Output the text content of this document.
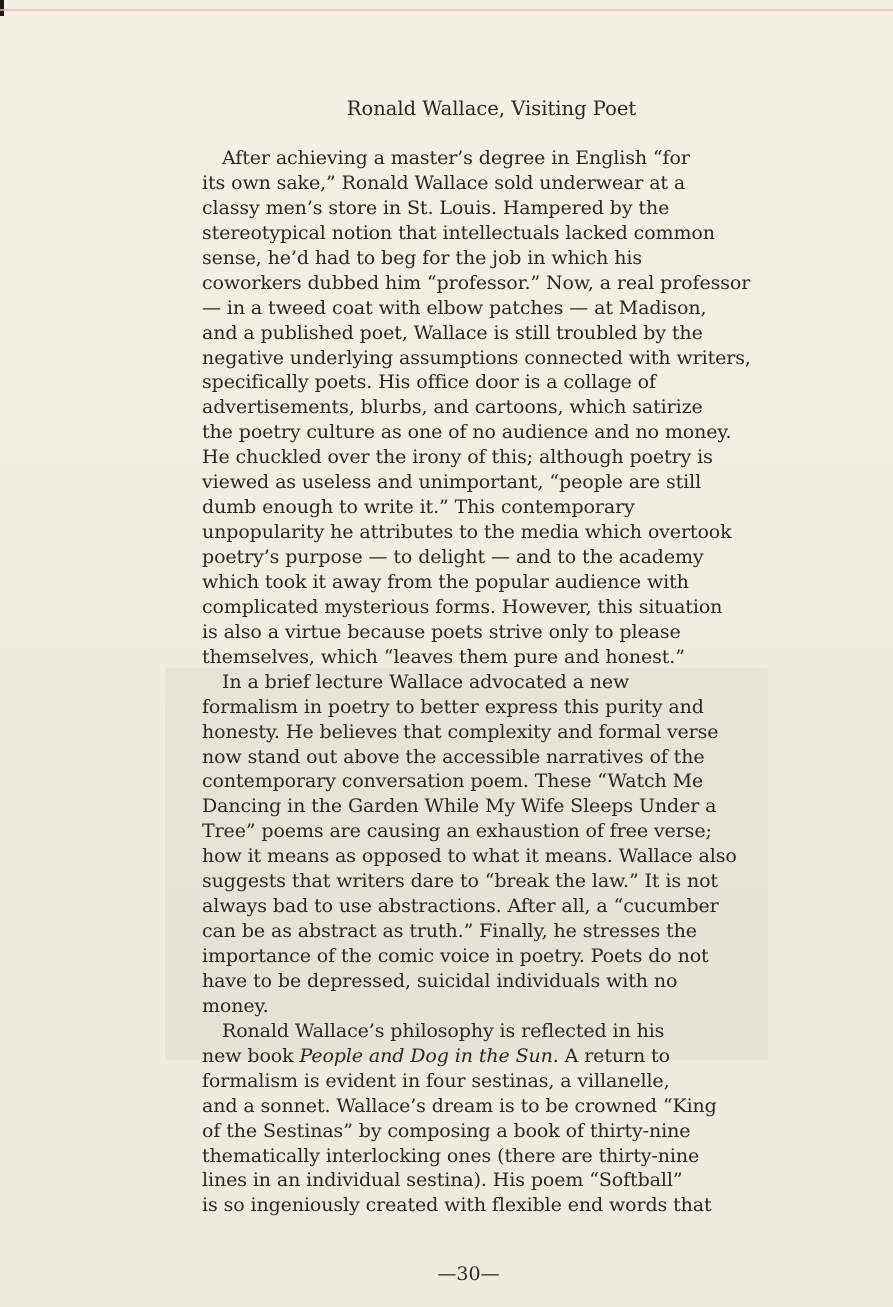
Ronald Wallace, Visiting Poet
After achieving a master’s degree in English “for
its own sake,” Ronald Wallace sold underwear at a
classy men’s store in St. Louis. Hampered by the
stereotypical notion that intellectuals lacked common
sense, he’d had to beg for the job in which his
coworkers dubbed him “professor.” Now, a real professor
— in a tweed coat with elbow patches — at Madison,
and a published poet, Wallace is still troubled by the
negative underlying assumptions connected with writers,
specifically poets. His office door is a collage of
advertisements, blurbs, and cartoons, which satirize
the poetry culture as one of no audience and no money.
He chuckled over the irony of this; although poetry is
viewed as useless and unimportant, “people are still
dumb enough to write it.” This contemporary
unpopularity he attributes to the media which overtook
poetry’s purpose — to delight — and to the academy
which took it away from the popular audience with
complicated mysterious forms. However, this situation
is also a virtue because poets strive only to please
themselves, which “leaves them pure and honest.”
In a brief lecture Wallace advocated a new
formalism in poetry to better express this purity and
honesty. He believes that complexity and formal verse
now stand out above the accessible narratives of the
contemporary conversation poem. These “Watch Me
Dancing in the Garden While My Wife Sleeps Under a
Tree” poems are causing an exhaustion of free verse;
how it means as opposed to what it means. Wallace also
suggests that writers dare to “break the law.” It is not
always bad to use abstractions. After all, a “cucumber
can be as abstract as truth.” Finally, he stresses the
importance of the comic voice in poetry. Poets do not
have to be depressed, suicidal individuals with no
money.
Ronald Wallace’s philosophy is reflected in his
new book People and Dog in the Sun. A return to
formalism is evident in four sestinas, a villanelle,
and a sonnet. Wallace’s dream is to be crowned “King
of the Sestinas” by composing a book of thirty-nine
thematically interlocking ones (there are thirty-nine
lines in an individual sestina). His poem “Softball”
is so ingeniously created with flexible end words that
—30—
